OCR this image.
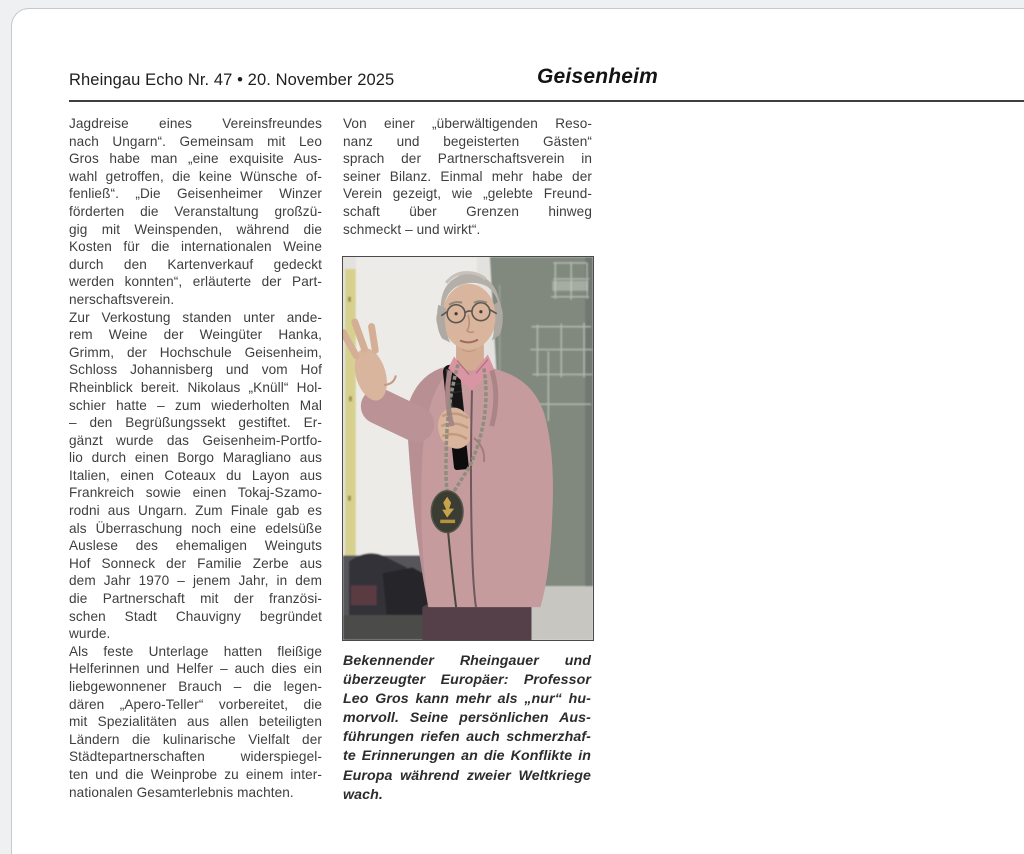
Rheingau Echo Nr. 47 • 20. November 2025	Geisenheim
Jagdreise eines Vereinsfreundes
nach Ungarn“. Gemeinsam mit Leo
Gros habe man „eine exquisite Aus-
wahl getroffen, die keine Wünsche of-
fenließ“. „Die Geisenheimer Winzer
förderten die Veranstaltung großzü-
gig mit Weinspenden, während die
Kosten für die internationalen Weine
durch den Kartenverkauf gedeckt
werden konnten“, erläuterte der Part-
nerschaftsverein.
Zur Verkostung standen unter ande-
rem Weine der Weingüter Hanka,
Grimm, der Hochschule Geisenheim,
Schloss Johannisberg und vom Hof
Rheinblick bereit. Nikolaus „Knüll“ Hol-
schier hatte – zum wiederholten Mal
– den Begrüßungssekt gestiftet. Er-
gänzt wurde das Geisenheim-Portfo-
lio durch einen Borgo Maragliano aus
Italien, einen Coteaux du Layon aus
Frankreich sowie einen Tokaj-Szamo-
rodni aus Ungarn. Zum Finale gab es
als Überraschung noch eine edelsüße
Auslese des ehemaligen Weinguts
Hof Sonneck der Familie Zerbe aus
dem Jahr 1970 – jenem Jahr, in dem
die Partnerschaft mit der französi-
schen Stadt Chauvigny begründet
wurde.
Als feste Unterlage hatten fleißige
Helferinnen und Helfer – auch dies ein
liebgewonnener Brauch – die legen-
dären „Apero-Teller“ vorbereitet, die
mit Spezialitäten aus allen beteiligten
Ländern die kulinarische Vielfalt der
Städtepartnerschaften widerspiegel-
ten und die Weinprobe zu einem inter-
nationalen Gesamterlebnis machten.
Von einer „überwältigenden Reso-
nanz und begeisterten Gästen“
sprach der Partnerschaftsverein in
seiner Bilanz. Einmal mehr habe der
Verein gezeigt, wie „gelebte Freund-
schaft über Grenzen hinweg
schmeckt – und wirkt“.
Bekennender Rheingauer und
überzeugter Europäer: Professor
Leo Gros kann mehr als „nur“ hu-
morvoll. Seine persönlichen Aus-
führungen riefen auch schmerzhaf-
te Erinnerungen an die Konflikte in
Europa während zweier Weltkriege
wach.
